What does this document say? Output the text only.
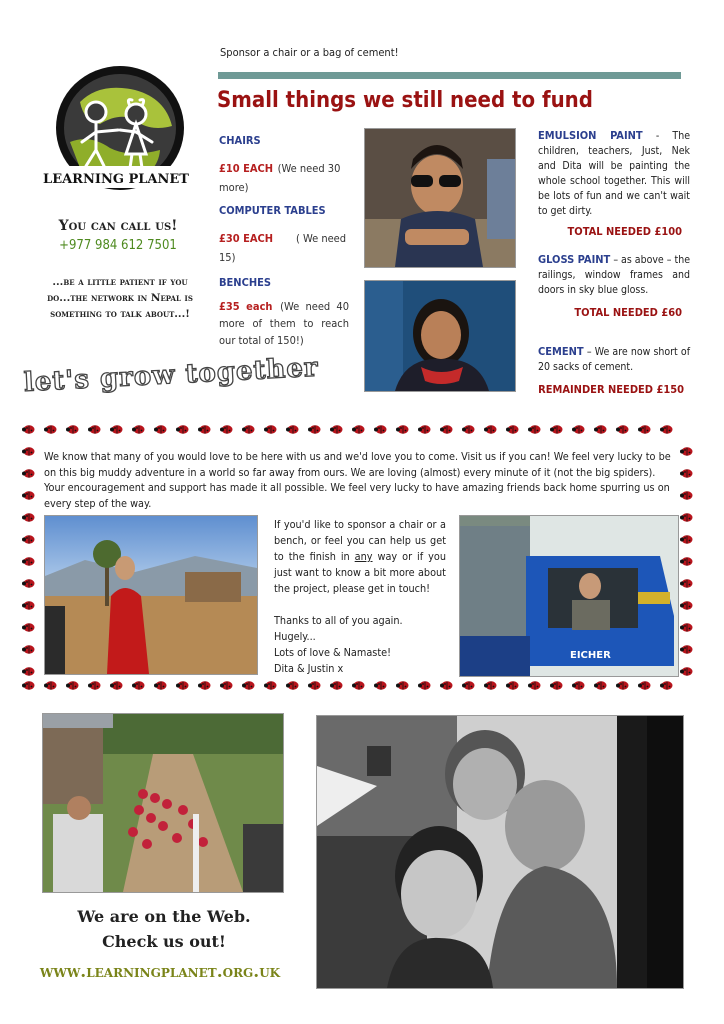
LEARNING PLANET
You can call us!
+977 984 612 7501
...be a little patient if you do...the network in Nepal is something to talk about...!
Sponsor a chair or a bag of cement!
Small things we still need to fund
CHAIRS
£10 EACH (We need 30 more)
COMPUTER TABLES
£30 EACH ( We need 15)
BENCHES
£35 each (We need 40 more of them to reach our total of 150!)
EMULSION PAINT - The children, teachers, Just, Nek and Dita will be painting the whole school together. This will be lots of fun and we can't wait to get dirty.
TOTAL NEEDED £100
GLOSS PAINT – as above – the railings, window frames and doors in sky blue gloss.
TOTAL NEEDED £60
CEMENT – We are now short of 20 sacks of cement.
REMAINDER NEEDED £150
let's grow together
We know that many of you would love to be here with us and we'd love you to come. Visit us if you can! We feel very lucky to be on this big muddy adventure in a world so far away from ours. We are loving (almost) every minute of it (not the big spiders). Your encouragement and support has made it all possible. We feel very lucky to have amazing friends back home spurring us on every step of the way.
If you'd like to sponsor a chair or a bench, or feel you can help us get to the finish in any way or if you just want to know a bit more about the project, please get in touch!
Thanks to all of you again. Hugely...
Lots of love & Namaste!
Dita & Justin x
EICHER
We are on the Web.
Check us out!
www.learningplanet.org.uk
